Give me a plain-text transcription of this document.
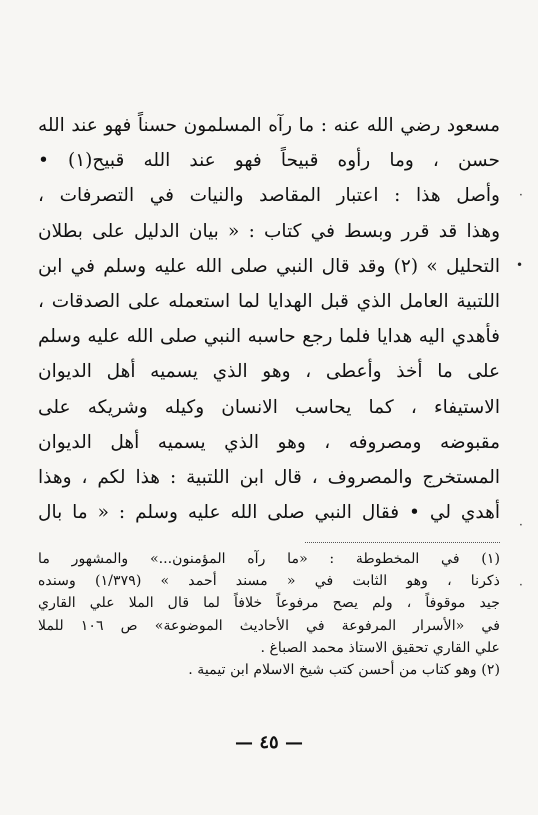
مسعود رضي الله عنه : ما رآه المسلمون حسناً فهو عند الله
حسن ، وما رأوه قبيحاً فهو عند الله قبيح(١) •
وأصل هذا : اعتبار المقاصد والنيات في التصرفات ،
وهذا قد قرر وبسط في كتاب : « بيان الدليل على بطلان
التحليل » (٢) وقد قال النبي صلى الله عليه وسلم في ابن
اللتبية العامل الذي قبل الهدايا لما استعمله على الصدقات ،
فأهدي اليه هدايا فلما رجع حاسبه النبي صلى الله عليه وسلم
على ما أخذ وأعطى ، وهو الذي يسميه أهل الديوان
الاستيفاء ، كما يحاسب الانسان وكيله وشريكه على
مقبوضه ومصروفه ، وهو الذي يسميه أهل الديوان
المستخرج والمصروف ، قال ابن اللتبية : هذا لكم ، وهذا
أهدي لي • فقال النبي صلى الله عليه وسلم : « ما بال
(١) في المخطوطة : «ما رآه المؤمنون...» والمشهور ما
ذكرنا ، وهو الثابت في « مسند أحمد » (١/٣٧٩) وسنده
جيد موقوفاً ، ولم يصح مرفوعاً خلافاً لما قال الملا علي القاري
في «الأسرار المرفوعة في الأحاديث الموضوعة» ص ١٠٦ للملا
علي القاري تحقيق الاستاذ محمد الصباغ .
(٢) وهو كتاب من أحسن كتب شيخ الاسلام ابن تيمية .
— ٤٥ —
‧
•
‧
‧
